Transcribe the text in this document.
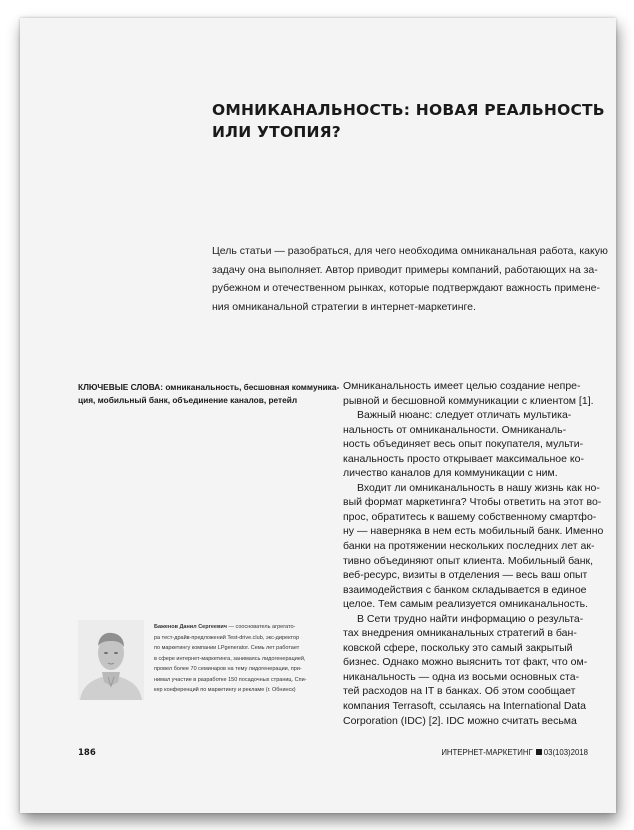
ОМНИКАНАЛЬНОСТЬ: НОВАЯ РЕАЛЬНОСТЬ
ИЛИ УТОПИЯ?
Цель статьи — разобраться, для чего необходима омниканальная работа, какую
задачу она выполняет. Автор приводит примеры компаний, работающих на за-
рубежном и отечественном рынках, которые подтверждают важность примене-
ния омниканальной стратегии в интернет-маркетинге.
КЛЮЧЕВЫЕ СЛОВА: омниканальность, бесшовная коммуника-
ция, мобильный банк, объединение каналов, ретейл
Омниканальность имеет целью создание непре-
рывной и бесшовной коммуникации с клиентом [1].
Важный нюанс: следует отличать мультика-
нальность от омниканальности. Омниканаль-
ность объединяет весь опыт покупателя, мульти-
канальность просто открывает максимальное ко-
личество каналов для коммуникации с ним.
Входит ли омниканальность в нашу жизнь как но-
вый формат маркетинга? Чтобы ответить на этот во-
прос, обратитесь к вашему собственному смартфо-
ну — наверняка в нем есть мобильный банк. Именно
банки на протяжении нескольких последних лет ак-
тивно объединяют опыт клиента. Мобильный банк,
веб-ресурс, визиты в отделения — весь ваш опыт
взаимодействия с банком складывается в единое
целое. Тем самым реализуется омниканальность.
В Сети трудно найти информацию о результа-
тах внедрения омниканальных стратегий в бан-
ковской сфере, поскольку это самый закрытый
бизнес. Однако можно выяснить тот факт, что ом-
никанальность — одна из восьми основных ста-
тей расходов на IT в банках. Об этом сообщает
компания Terrasoft, ссылаясь на International Data
Corporation (IDC) [2]. IDC можно считать весьма
Баженов Данил Сергеевич — сооснователь агрегато-
ра тест-драйв-предложений Test-drive.club, экс-директор
по маркетингу компании LPgenerator. Семь лет работает
в сфере интернет-маркетинга, занимаясь лидогенерацией,
провел более 70 семинаров на тему лидогенерации, при-
нимал участие в разработке 150 посадочных страниц. Спи-
кер конференций по маркетингу и рекламе (г. Обнинск)
186	ИНТЕРНЕТ-МАРКЕТИНГ 03(103)2018
